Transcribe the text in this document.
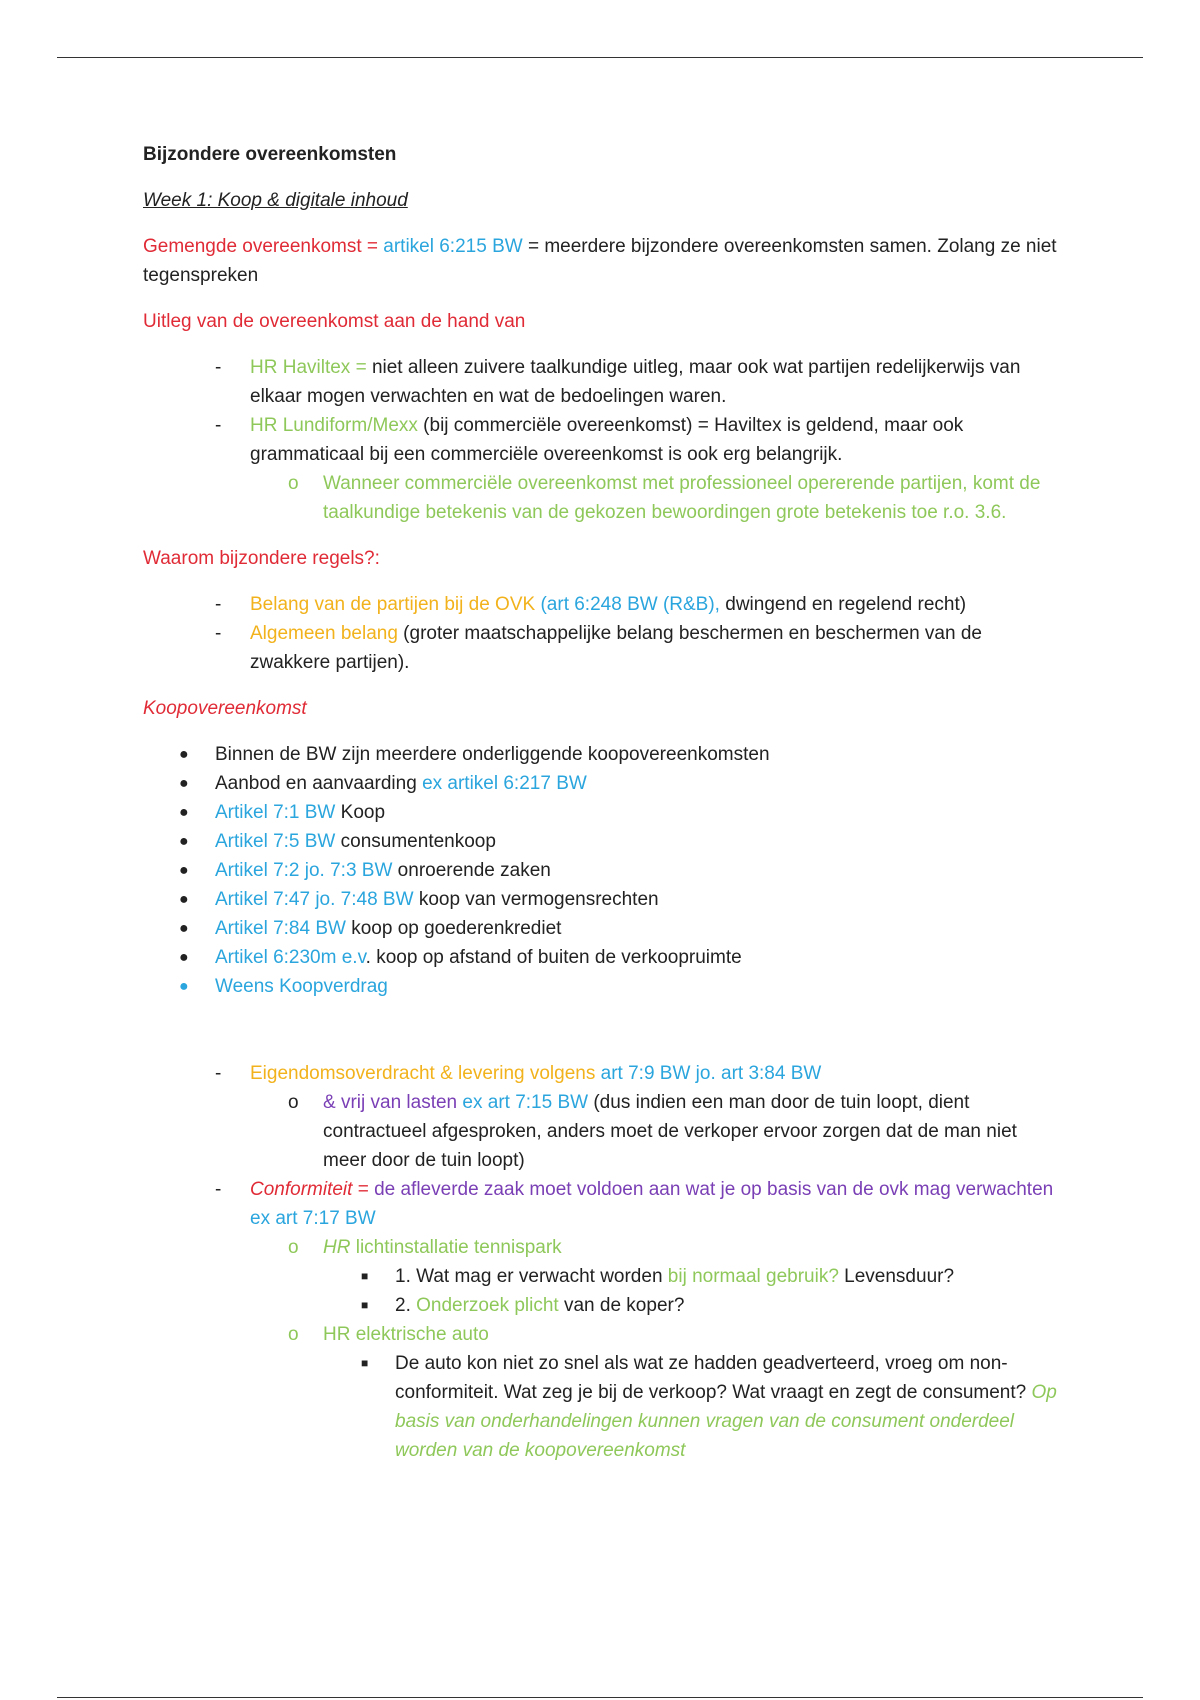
Bijzondere overeenkomsten
Week 1: Koop & digitale inhoud
Gemengde overeenkomst = artikel 6:215 BW = meerdere bijzondere overeenkomsten samen. Zolang ze niet tegenspreken
Uitleg van de overeenkomst aan de hand van
- HR Haviltex = niet alleen zuivere taalkundige uitleg, maar ook wat partijen redelijkerwijs van elkaar mogen verwachten en wat de bedoelingen waren.
- HR Lundiform/Mexx (bij commerciële overeenkomst) = Haviltex is geldend, maar ook grammaticaal bij een commerciële overeenkomst is ook erg belangrijk.
o Wanneer commerciële overeenkomst met professioneel opererende partijen, komt de taalkundige betekenis van de gekozen bewoordingen grote betekenis toe r.o. 3.6.
Waarom bijzondere regels?:
- Belang van de partijen bij de OVK (art 6:248 BW (R&B), dwingend en regelend recht)
- Algemeen belang (groter maatschappelijke belang beschermen en beschermen van de zwakkere partijen).
Koopovereenkomst
● Binnen de BW zijn meerdere onderliggende koopovereenkomsten
● Aanbod en aanvaarding ex artikel 6:217 BW
● Artikel 7:1 BW Koop
● Artikel 7:5 BW consumentenkoop
● Artikel 7:2 jo. 7:3 BW onroerende zaken
● Artikel 7:47 jo. 7:48 BW koop van vermogensrechten
● Artikel 7:84 BW koop op goederenkrediet
● Artikel 6:230m e.v. koop op afstand of buiten de verkoopruimte
● Weens Koopverdrag
- Eigendomsoverdracht & levering volgens art 7:9 BW jo. art 3:84 BW
o & vrij van lasten ex art 7:15 BW (dus indien een man door de tuin loopt, dient contractueel afgesproken, anders moet de verkoper ervoor zorgen dat de man niet meer door de tuin loopt)
- Conformiteit = de afleverde zaak moet voldoen aan wat je op basis van de ovk mag verwachten ex art 7:17 BW
o HR lichtinstallatie tennispark
■ 1. Wat mag er verwacht worden bij normaal gebruik? Levensduur?
■ 2. Onderzoek plicht van de koper?
o HR elektrische auto
■ De auto kon niet zo snel als wat ze hadden geadverteerd, vroeg om non-conformiteit. Wat zeg je bij de verkoop? Wat vraagt en zegt de consument? Op basis van onderhandelingen kunnen vragen van de consument onderdeel worden van de koopovereenkomst
